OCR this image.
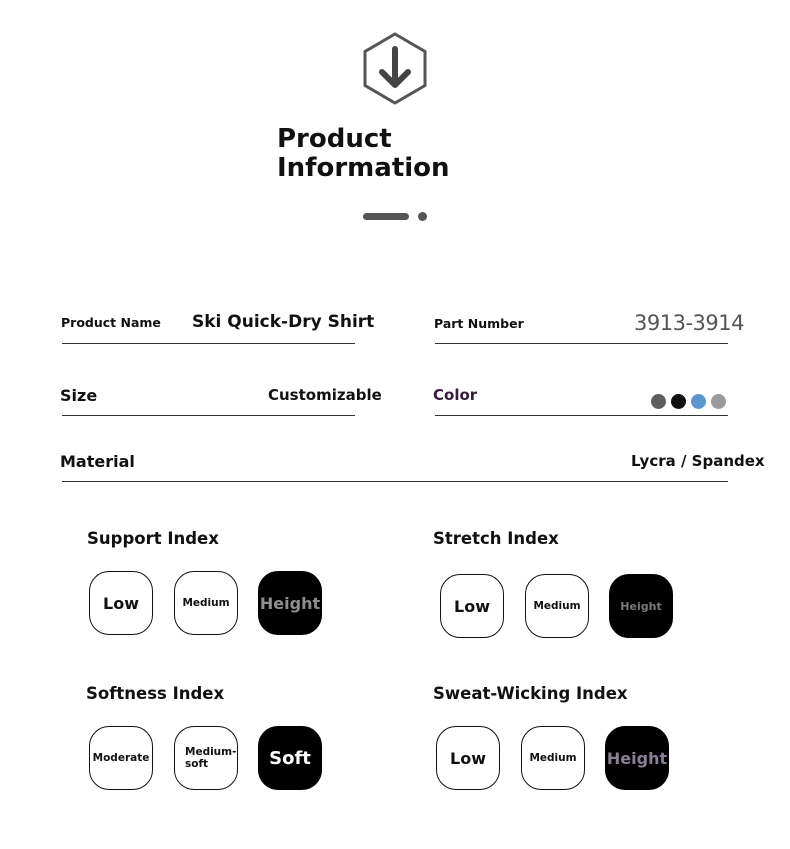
Product
Information
Product Name Ski Quick-Dry Shirt	Part Number	3913-3914
Size	Customizable	Color
Material	Lycra / Spandex
Support Index
Low	Medium	Height
Stretch Index
Low	Medium	Height
Softness Index
Moderate	Medium-
soft	Soft
Sweat-Wicking Index
Low	Medium	Height
